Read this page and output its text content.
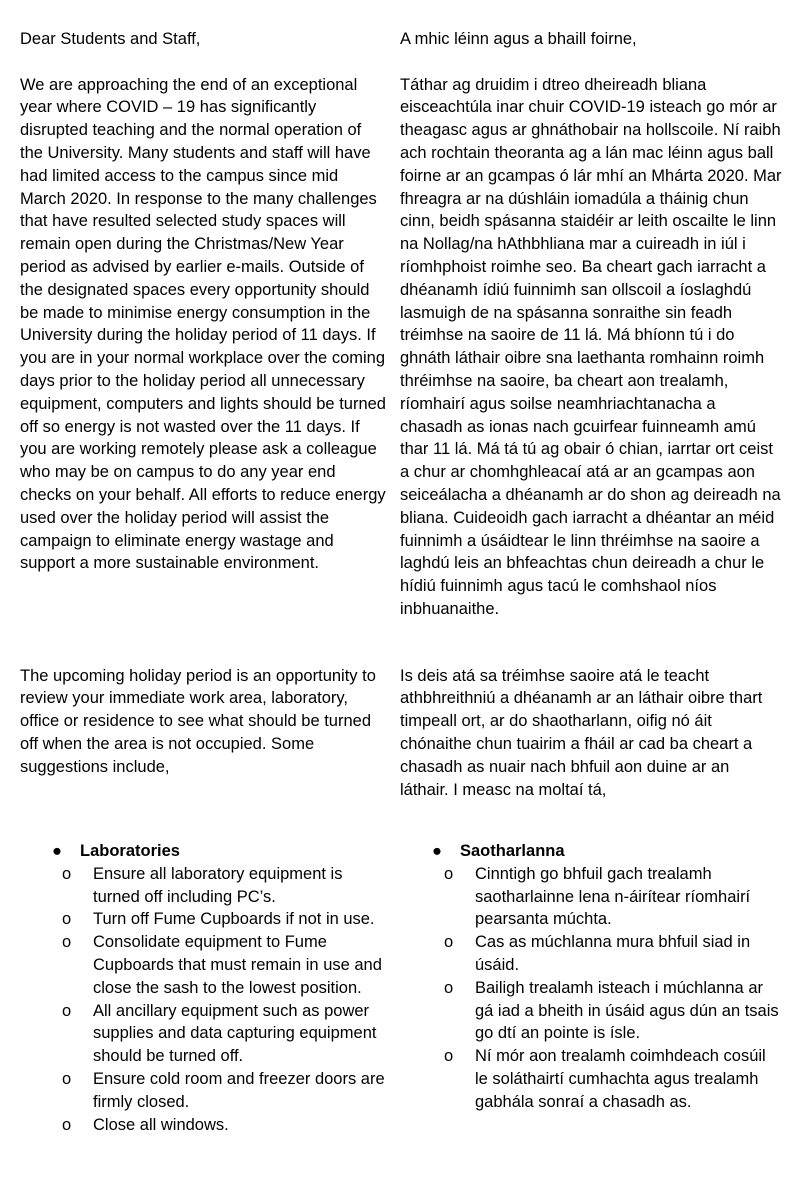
Dear Students and Staff,

We are approaching the end of an exceptional year where COVID – 19 has significantly disrupted teaching and the normal operation of the University. Many students and staff will have had limited access to the campus since mid March 2020. In response to the many challenges that have resulted selected study spaces will remain open during the Christmas/New Year period as advised by earlier e-mails. Outside of the designated spaces every opportunity should be made to minimise energy consumption in the University during the holiday period of 11 days. If you are in your normal workplace over the coming days prior to the holiday period all unnecessary equipment, computers and lights should be turned off so energy is not wasted over the 11 days. If you are working remotely please ask a colleague who may be on campus to do any year end checks on your behalf. All efforts to reduce energy used over the holiday period will assist the campaign to eliminate energy wastage and support a more sustainable environment.

The upcoming holiday period is an opportunity to review your immediate work area, laboratory, office or residence to see what should be turned off when the area is not occupied. Some suggestions include,

A mhic léinn agus a bhaill foirne,

Táthar ag druidim i dtreo dheireadh bliana eisceachtúla inar chuir COVID-19 isteach go mór ar theagasc agus ar ghnáthobair na hollscoile. Ní raibh ach rochtain theoranta ag a lán mac léinn agus ball foirne ar an gcampas ó lár mhí an Mhárta 2020. Mar fhreagra ar na dúshláin iomadúla a tháinig chun cinn, beidh spásanna staidéir ar leith oscailte le linn na Nollag/na hAthbhliana mar a cuireadh in iúl i ríomhphoist roimhe seo. Ba cheart gach iarracht a dhéanamh ídiú fuinnimh san ollscoil a íoslaghdú lasmuigh de na spásanna sonraithe sin feadh tréimhse na saoire de 11 lá. Má bhíonn tú i do ghnáth láthair oibre sna laethanta romhainn roimh thréimhse na saoire, ba cheart aon trealamh, ríomhairí agus soilse neamhriachtanacha a chasadh as ionas nach gcuirfear fuinneamh amú thar 11 lá. Má tá tú ag obair ó chian, iarrtar ort ceist a chur ar chomhghleacaí atá ar an gcampas aon seiceálacha a dhéanamh ar do shon ag deireadh na bliana. Cuideoidh gach iarracht a dhéantar an méid fuinnimh a úsáidtear le linn thréimhse na saoire a laghdú leis an bhfeachtas chun deireadh a chur le hídiú fuinnimh agus tacú le comhshaol níos inbhuanaithe.

Is deis atá sa tréimhse saoire atá le teacht athbhreithniú a dhéanamh ar an láthair oibre thart timpeall ort, ar do shaotharlann, oifig nó áit chónaithe chun tuairim a fháil ar cad ba cheart a chasadh as nuair nach bhfuil aon duine ar an láthair. I measc na moltaí tá,

● Laboratories
o Ensure all laboratory equipment is turned off including PC’s.
o Turn off Fume Cupboards if not in use.
o Consolidate equipment to Fume Cupboards that must remain in use and close the sash to the lowest position.
o All ancillary equipment such as power supplies and data capturing equipment should be turned off.
o Ensure cold room and freezer doors are firmly closed.
o Close all windows.
● Saotharlanna
o Cinntigh go bhfuil gach trealamh saotharlainne lena n-áirítear ríomhairí pearsanta múchta.
o Cas as múchlanna mura bhfuil siad in úsáid.
o Bailigh trealamh isteach i múchlanna ar gá iad a bheith in úsáid agus dún an tsais go dtí an pointe is ísle.
o Ní mór aon trealamh coimhdeach cosúil le soláthairtí cumhachta agus trealamh gabhála sonraí a chasadh as.
